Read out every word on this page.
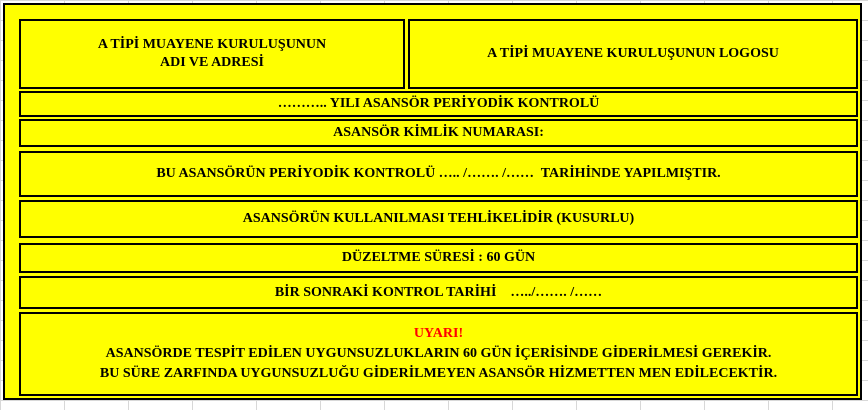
A TİPİ MUAYENE KURULUŞUNUN
ADI VE ADRESİ
A TİPİ MUAYENE KURULUŞUNUN LOGOSU
……….. YILI ASANSÖR PERİYODİK KONTROLÜ
ASANSÖR KİMLİK NUMARASI:
BU ASANSÖRÜN PERİYODİK KONTROLÜ ….. /……. /……  TARİHİNDE YAPILMIŞTIR.
ASANSÖRÜN KULLANILMASI TEHLİKELİDİR (KUSURLU)
DÜZELTME SÜRESİ : 60 GÜN
BİR SONRAKİ KONTROL TARİHİ    …../……. /……
UYARI!
ASANSÖRDE TESPİT EDİLEN UYGUNSUZLUKLARIN 60 GÜN İÇERİSİNDE GİDERİLMESİ GEREKİR.
BU SÜRE ZARFINDA UYGUNSUZLUĞU GİDERİLMEYEN ASANSÖR HİZMETTEN MEN EDİLECEKTİR.
